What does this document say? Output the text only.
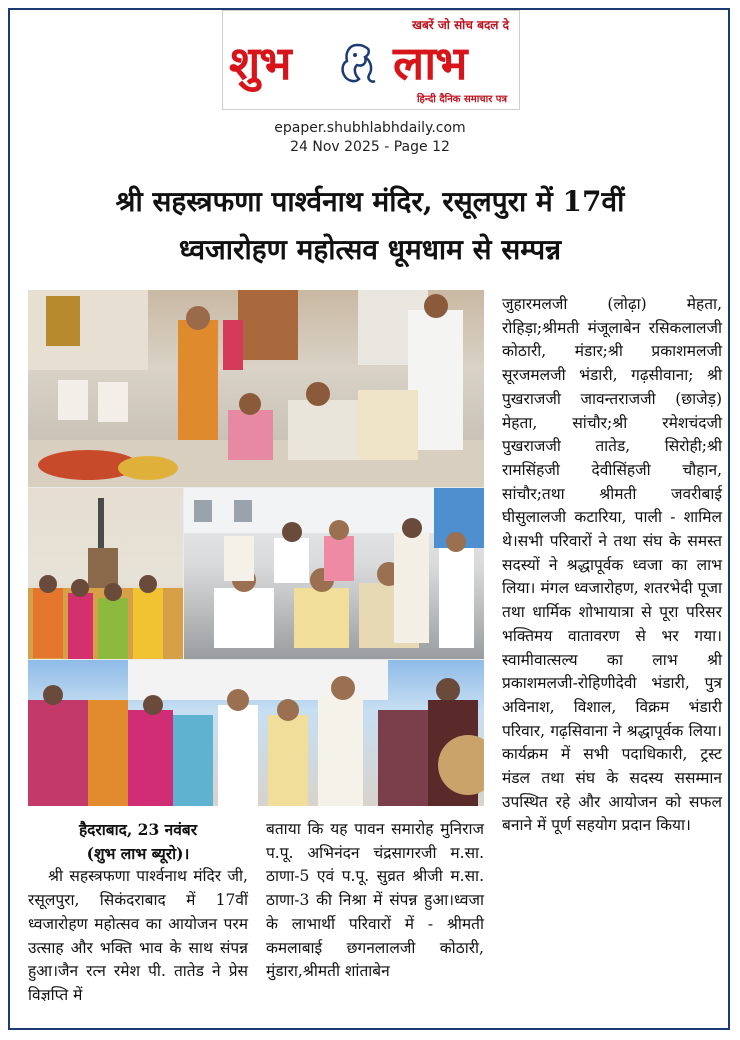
खबरें जो सोच बदल दे
शुभ लाभ
हिन्दी दैनिक समाचार पत्र
epaper.shubhlabhdaily.com
24 Nov 2025 - Page 12
श्री सहस्त्रफणा पार्श्वनाथ मंदिर, रसूलपुरा में 17वीं
ध्वजारोहण महोत्सव धूमधाम से सम्पन्न

जुहारमलजी (लोढ़ा) मेहता, रोहिड़ा;श्रीमती मंजूलाबेन रसिकलालजी कोठारी, मंडार;श्री प्रकाशमलजी सूरजमलजी भंडारी, गढ़सीवाना; श्री पुखराजजी जावन्तराजजी (छाजेड़) मेहता, सांचौर;श्री रमेशचंदजी पुखराजजी तातेड, सिरोही;श्री रामसिंहजी देवीसिंहजी चौहान, सांचौर;तथा श्रीमती जवरीबाई घीसुलालजी कटारिया, पाली - शामिल थे।सभी परिवारों ने तथा संघ के समस्त सदस्यों ने श्रद्धापूर्वक ध्वजा का लाभ लिया। मंगल ध्वजारोहण, शतरभेदी पूजा तथा धार्मिक शोभायात्रा से पूरा परिसर भक्तिमय वातावरण से भर गया।स्वामीवात्सल्य का लाभ श्री प्रकाशमलजी-रोहिणीदेवी भंडारी, पुत्र अविनाश, विशाल, विक्रम भंडारी परिवार, गढ़सिवाना ने श्रद्धापूर्वक लिया।कार्यक्रम में सभी पदाधिकारी, ट्रस्ट मंडल तथा संघ के सदस्य ससम्मान उपस्थित रहे और आयोजन को सफल बनाने में पूर्ण सहयोग प्रदान किया।

हैदराबाद, 23 नवंबर

(शुभ लाभ ब्यूरो)।

श्री सहस्त्रफणा पार्श्वनाथ मंदिर जी, रसूलपुरा, सिकंदराबाद में 17वीं ध्वजारोहण महोत्सव का आयोजन परम उत्साह और भक्ति भाव के साथ संपन्न हुआ।जैन रत्न रमेश पी. तातेड ने प्रेस विज्ञप्ति में

बताया कि यह पावन समारोह मुनिराज प.पू. अभिनंदन चंद्रसागरजी म.सा. ठाणा-5 एवं प.पू. सुव्रत श्रीजी म.सा. ठाणा-3 की निश्रा में संपन्न हुआ।ध्वजा के लाभार्थी परिवारों में - श्रीमती कमलाबाई छगनलालजी कोठारी, मुंडारा,श्रीमती शांताबेन
